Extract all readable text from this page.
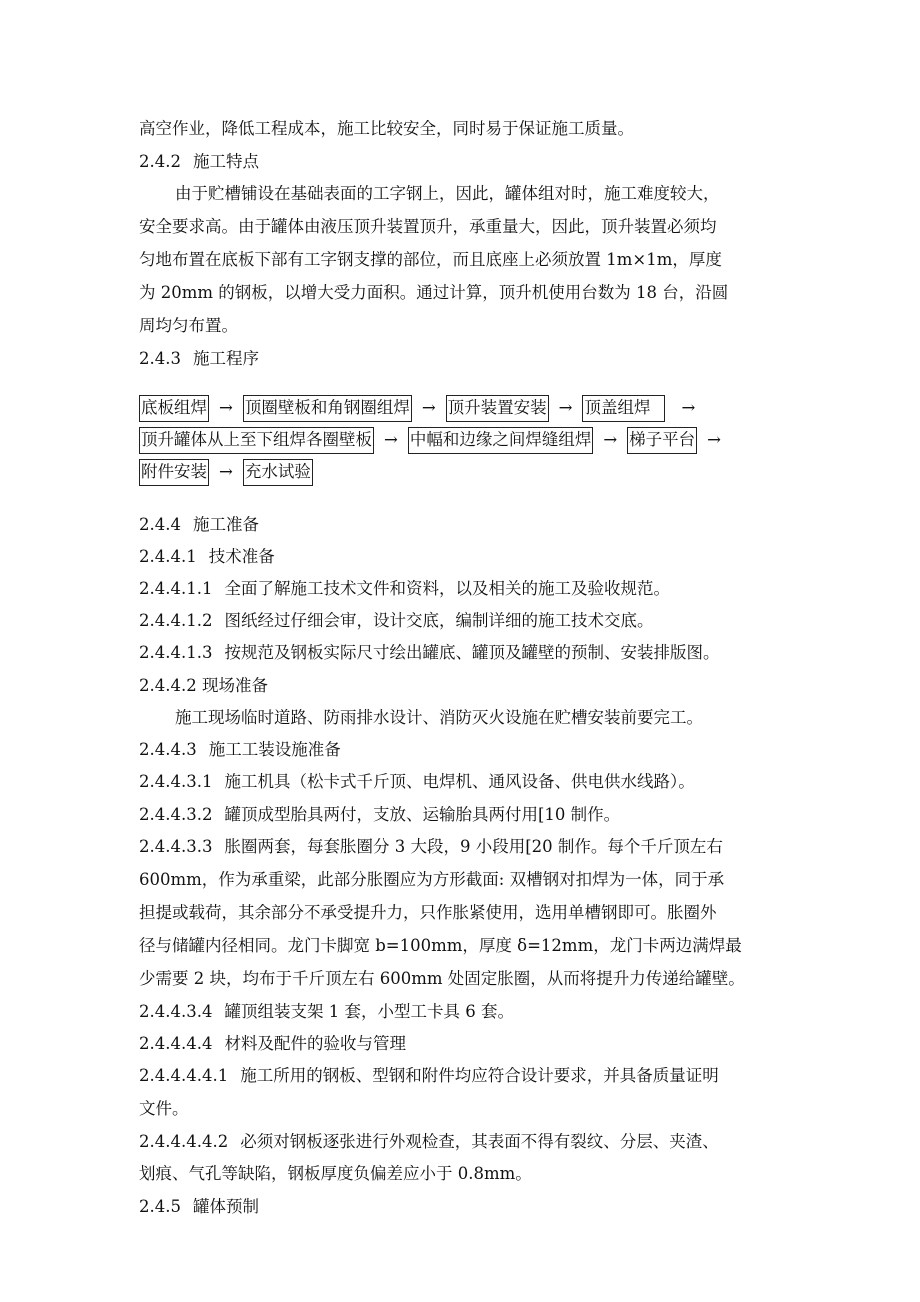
高空作业，降低工程成本，施工比较安全，同时易于保证施工质量。
2.4.2 施工特点
由于贮槽铺设在基础表面的工字钢上，因此，罐体组对时，施工难度较大，
安全要求高。由于罐体由液压顶升装置顶升，承重量大，因此，顶升装置必须均
匀地布置在底板下部有工字钢支撑的部位，而且底座上必须放置 1m×1m，厚度
为 20mm 的钢板，以增大受力面积。通过计算，顶升机使用台数为 18 台，沿圆
周均匀布置。
2.4.3 施工程序
底板组焊 → 顶圈壁板和角钢圈组焊 → 顶升装置安装 → 顶盖组焊 →
顶升罐体从上至下组焊各圈壁板 → 中幅和边缘之间焊缝组焊 → 梯子平台 →
附件安装 → 充水试验
2.4.4 施工准备
2.4.4.1 技术准备
2.4.4.1.1 全面了解施工技术文件和资料，以及相关的施工及验收规范。
2.4.4.1.2 图纸经过仔细会审，设计交底，编制详细的施工技术交底。
2.4.4.1.3 按规范及钢板实际尺寸绘出罐底、罐顶及罐壁的预制、安装排版图。
2.4.4.2 现场准备
施工现场临时道路、防雨排水设计、消防灭火设施在贮槽安装前要完工。
2.4.4.3 施工工装设施准备
2.4.4.3.1 施工机具（松卡式千斤顶、电焊机、通风设备、供电供水线路）。
2.4.4.3.2 罐顶成型胎具两付，支放、运输胎具两付用[10 制作。
2.4.4.3.3 胀圈两套，每套胀圈分 3 大段，9 小段用[20 制作。每个千斤顶左右
600mm，作为承重梁，此部分胀圈应为方形截面: 双槽钢对扣焊为一体，同于承
担提或载荷，其余部分不承受提升力，只作胀紧使用，选用单槽钢即可。胀圈外
径与储罐内径相同。龙门卡脚宽 b=100mm，厚度 δ=12mm，龙门卡两边满焊最
少需要 2 块，均布于千斤顶左右 600mm 处固定胀圈，从而将提升力传递给罐壁。
2.4.4.3.4 罐顶组装支架 1 套，小型工卡具 6 套。
2.4.4.4.4 材料及配件的验收与管理
2.4.4.4.4.1 施工所用的钢板、型钢和附件均应符合设计要求，并具备质量证明
文件。
2.4.4.4.4.2 必须对钢板逐张进行外观检查，其表面不得有裂纹、分层、夹渣、
划痕、气孔等缺陷，钢板厚度负偏差应小于 0.8mm。
2.4.5 罐体预制
